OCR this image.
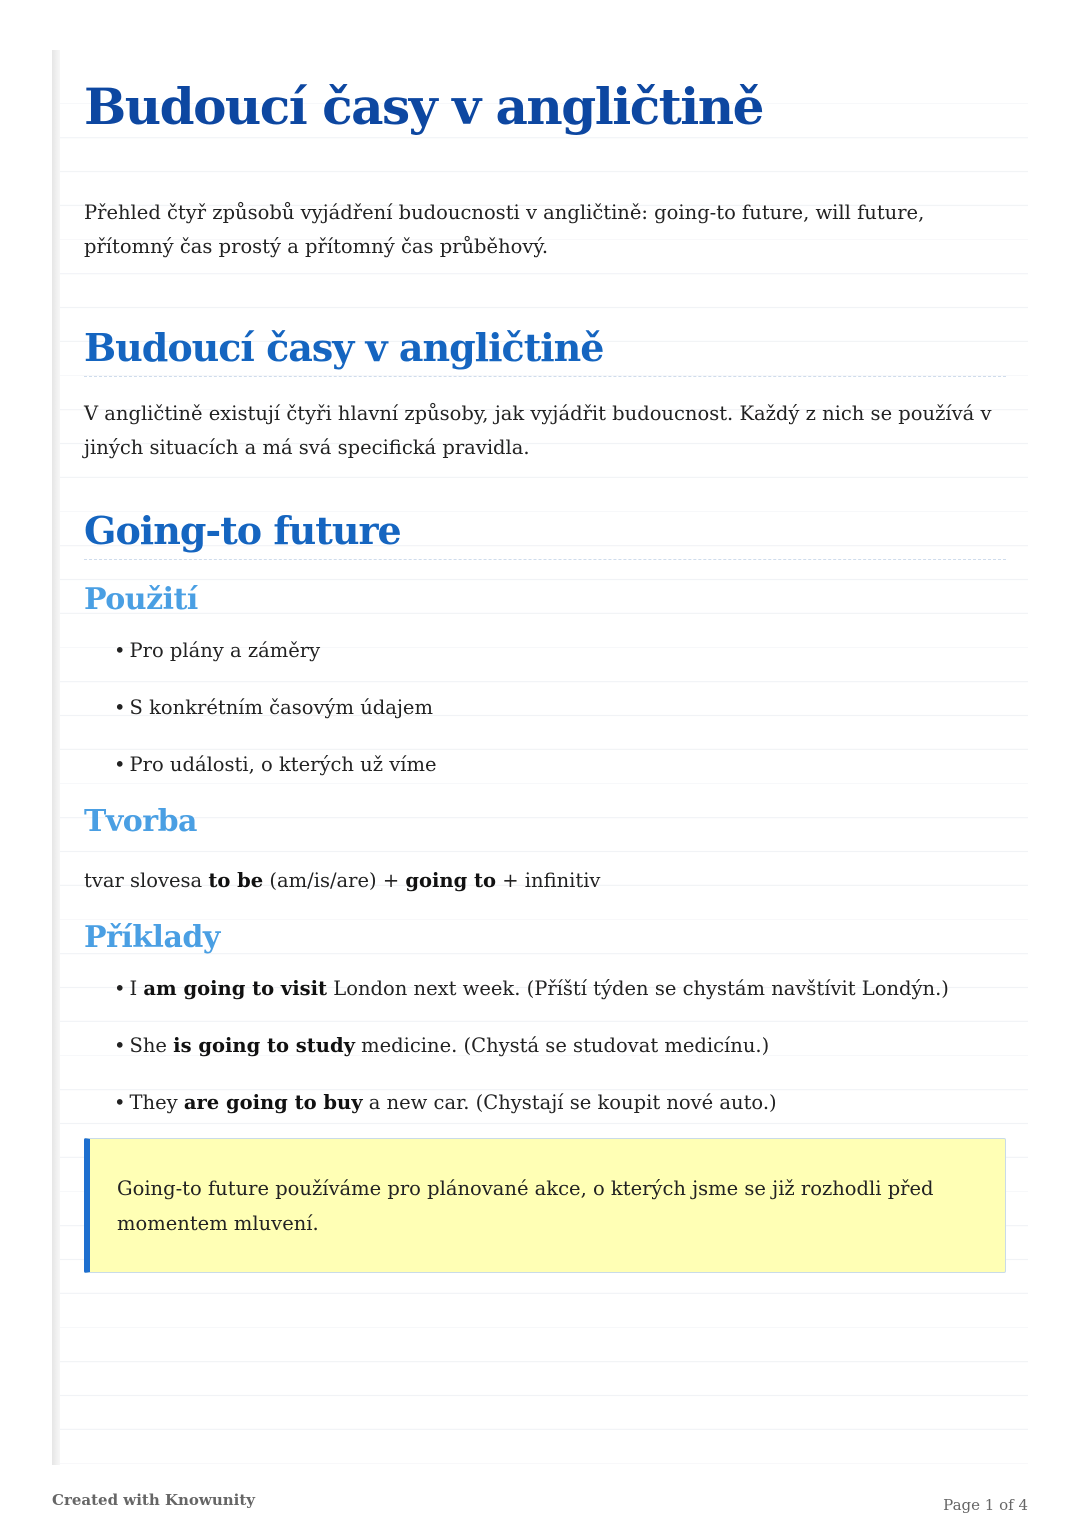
Budoucí časy v angličtině

Přehled čtyř způsobů vyjádření budoucnosti v angličtině: going-to future, will future, přítomný čas prostý a přítomný čas průběhový.

Budoucí časy v angličtině

V angličtině existují čtyři hlavní způsoby, jak vyjádřit budoucnost. Každý z nich se používá v jiných situacích a má svá specifická pravidla.

Going-to future
Použití
• Pro plány a záměry
• S konkrétním časovým údajem
• Pro události, o kterých už víme
Tvorba

tvar slovesa to be (am/is/are) + going to + infinitiv

Příklady
• I am going to visit London next week. (Příští týden se chystám navštívit Londýn.)
• She is going to study medicine. (Chystá se studovat medicínu.)
• They are going to buy a new car. (Chystají se koupit nové auto.)
Going-to future používáme pro plánované akce, o kterých jsme se již rozhodli před momentem mluvení.
Created with Knowunity	Page 1 of 4
